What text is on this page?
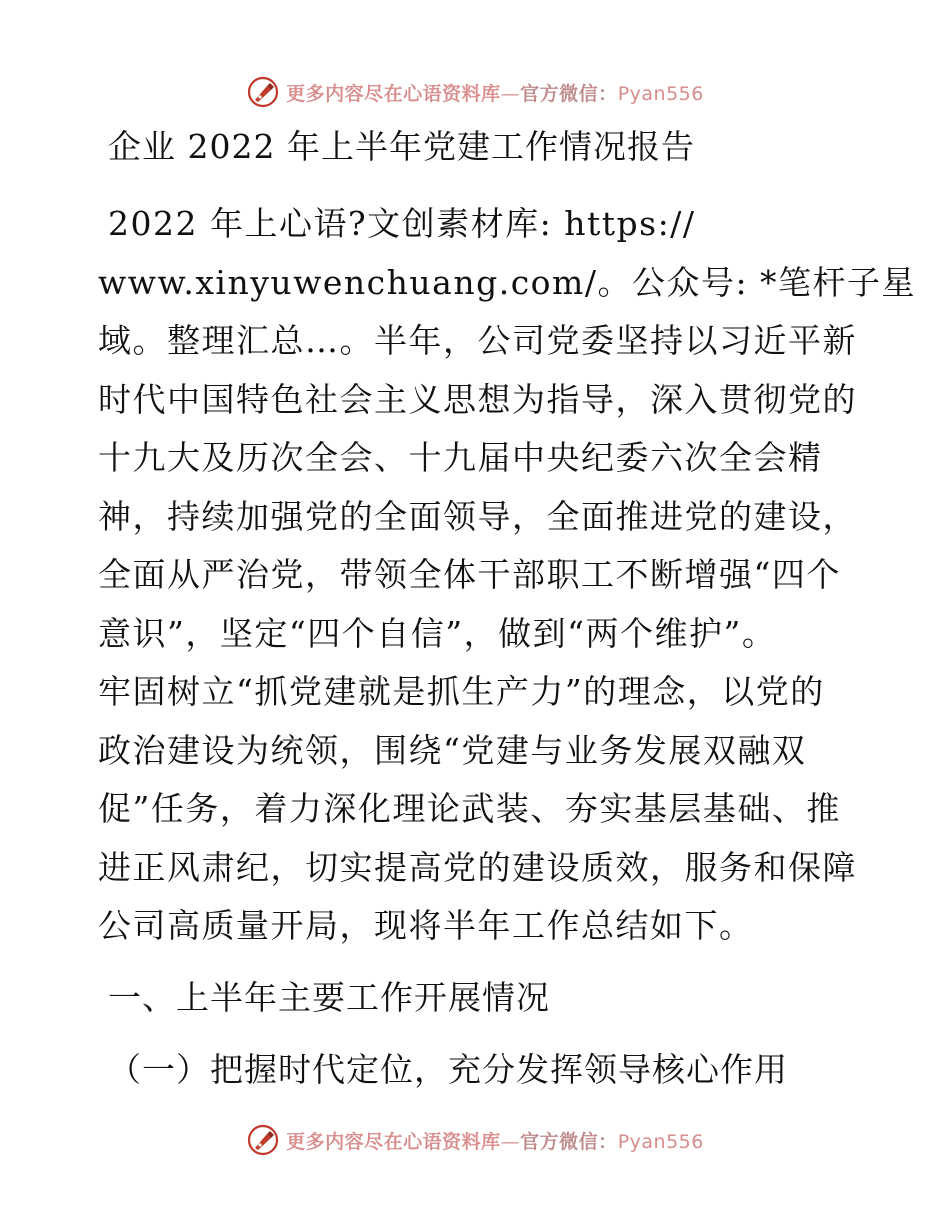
更多内容尽在心语资料库—官方微信：Pyan556
企业 2022 年上半年党建工作情况报告
2022 年上心语?文创素材库: https://
www.xinyuwenchuang.com/。公众号: *笔杆子星
域。整理汇总…。半年，公司党委坚持以习近平新
时代中国特色社会主义思想为指导，深入贯彻党的
十九大及历次全会、十九届中央纪委六次全会精
神，持续加强党的全面领导，全面推进党的建设，
全面从严治党，带领全体干部职工不断增强“四个
意识”，坚定“四个自信”，做到“两个维护”。
牢固树立“抓党建就是抓生产力”的理念，以党的
政治建设为统领，围绕“党建与业务发展双融双
促”任务，着力深化理论武装、夯实基层基础、推
进正风肃纪，切实提高党的建设质效，服务和保障
公司高质量开局，现将半年工作总结如下。
一、上半年主要工作开展情况
（一）把握时代定位，充分发挥领导核心作用
更多内容尽在心语资料库—官方微信：Pyan556
